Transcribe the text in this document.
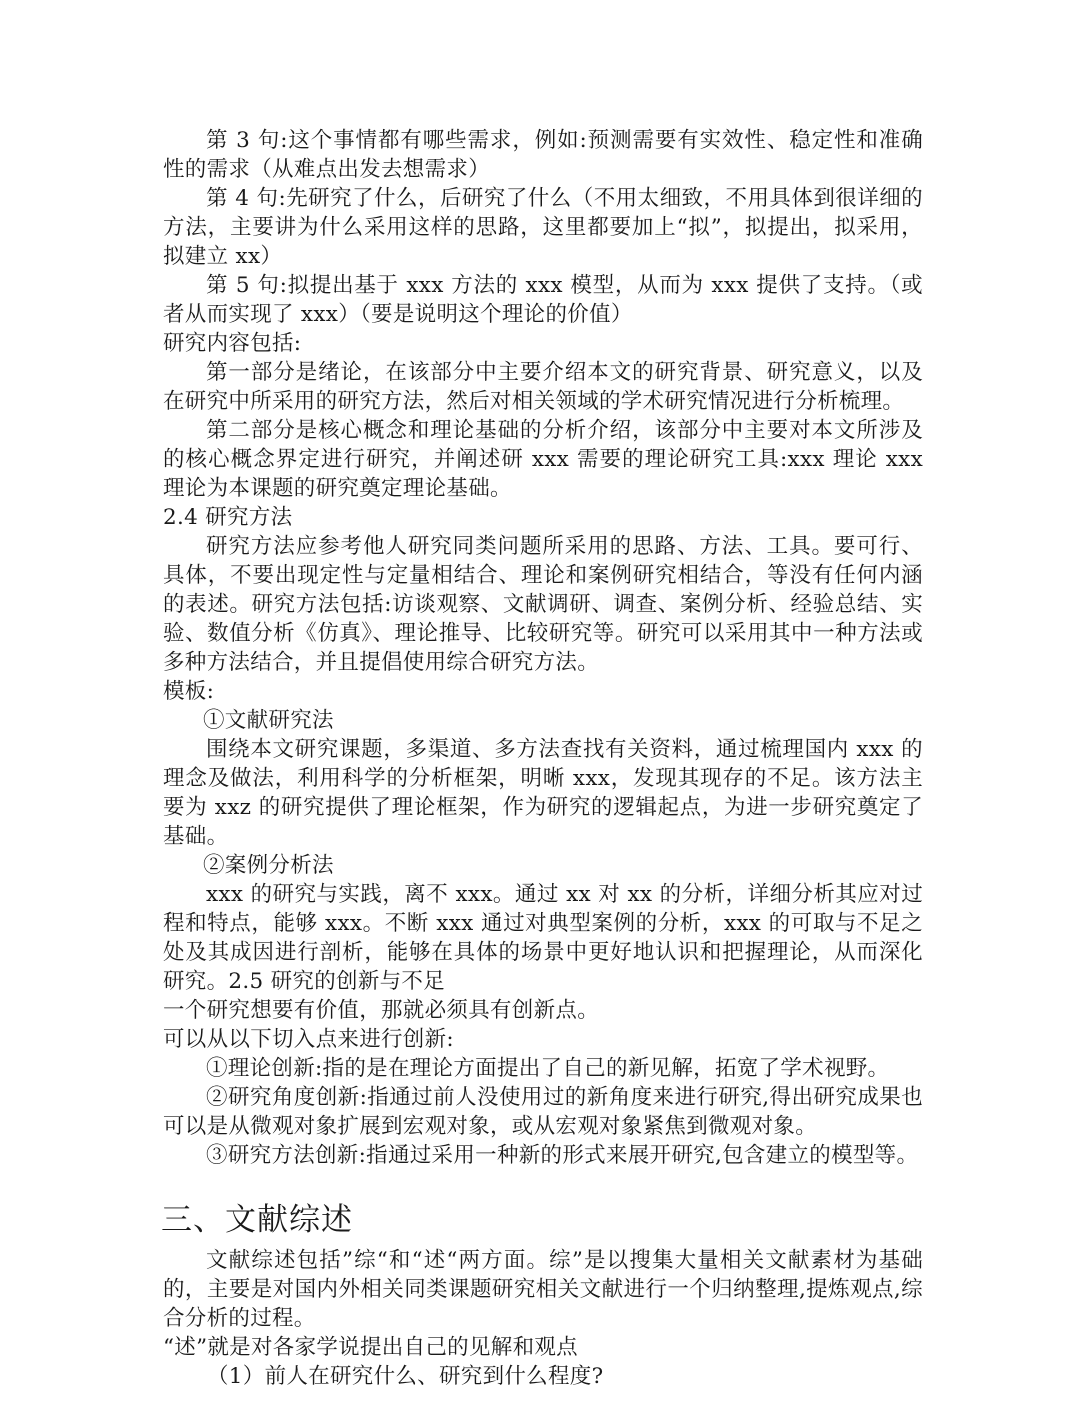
第 3 句:这个事情都有哪些需求，例如:预测需要有实效性、稳定性和准确性的需求（从难点出发去想需求）

第 4 句:先研究了什么，后研究了什么（不用太细致，不用具体到很详细的方法，主要讲为什么采用这样的思路，这里都要加上“拟”，拟提出，拟采用，拟建立 xx）

第 5 句:拟提出基于 xxx 方法的 xxx 模型，从而为 xxx 提供了支持。（或者从而实现了 xxx）（要是说明这个理论的价值）

研究内容包括:

第一部分是绪论，在该部分中主要介绍本文的研究背景、研究意义，以及在研究中所采用的研究方法，然后对相关领域的学术研究情况进行分析梳理。

第二部分是核心概念和理论基础的分析介绍，该部分中主要对本文所涉及的核心概念界定进行研究，并阐述研 xxx 需要的理论研究工具:xxx 理论 xxx 理论为本课题的研究奠定理论基础。

2.4 研究方法

研究方法应参考他人研究同类问题所采用的思路、方法、工具。要可行、具体，不要出现定性与定量相结合、理论和案例研究相结合，等没有任何内涵的表述。研究方法包括:访谈观察、文献调研、调查、案例分析、经验总结、实验、数值分析《仿真》、理论推导、比较研究等。研究可以采用其中一种方法或多种方法结合，并且提倡使用综合研究方法。

模板:

①文献研究法

围绕本文研究课题，多渠道、多方法查找有关资料，通过梳理国内 xxx 的理念及做法，利用科学的分析框架，明晰 xxx，发现其现存的不足。该方法主要为 xxz 的研究提供了理论框架，作为研究的逻辑起点，为进一步研究奠定了基础。

②案例分析法

xxx 的研究与实践，离不 xxx。通过 xx 对 xx 的分析，详细分析其应对过程和特点，能够 xxx。不断 xxx 通过对典型案例的分析，xxx 的可取与不足之处及其成因进行剖析，能够在具体的场景中更好地认识和把握理论，从而深化研究。2.5 研究的创新与不足

一个研究想要有价值，那就必须具有创新点。

可以从以下切入点来进行创新:

①理论创新:指的是在理论方面提出了自己的新见解，拓宽了学术视野。

②研究角度创新:指通过前人没使用过的新角度来进行研究,得出研究成果也可以是从微观对象扩展到宏观对象，或从宏观对象紧焦到微观对象。

③研究方法创新:指通过采用一种新的形式来展开研究,包含建立的模型等。

三、文献综述

文献综述包括”综“和“述“两方面。综”是以搜集大量相关文献素材为基础的，主要是对国内外相关同类课题研究相关文献进行一个归纳整理,提炼观点,综合分析的过程。

“述”就是对各家学说提出自己的见解和观点

（1）前人在研究什么、研究到什么程度?
